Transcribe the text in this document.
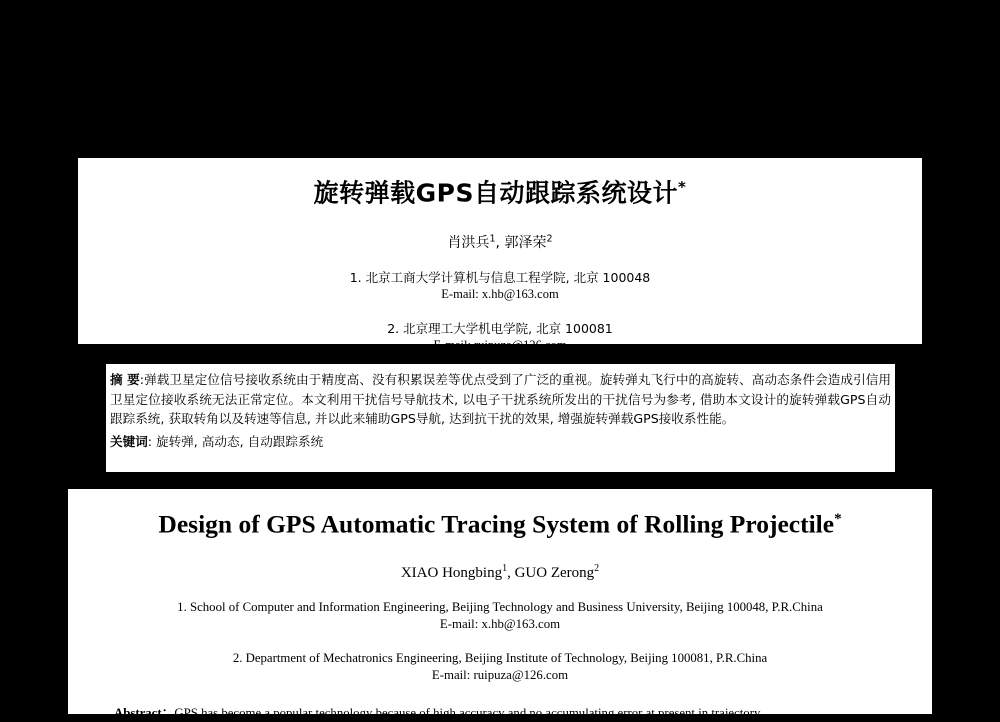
旋转弹载GPS自动跟踪系统设计*
肖洪兵$^1$, 郭泽荣$^2$
1. 北京工商大学计算机与信息工程学院, 北京 100048
E-mail: x.hb@163.com
2. 北京理工大学机电学院, 北京 100081
E-mail: ruipuza@126.com
摘 要:弹载卫星定位信号接收系统由于精度高、没有积累误差等优点受到了广泛的重视。旋转弹丸飞行中的高旋转、高动态条件会造成引信用卫星定位接收系统无法正常定位。本文利用干扰信号导航技术, 以电子干扰系统所发出的干扰信号为参考, 借助本文设计的旋转弹载GPS自动跟踪系统, 获取转角以及转速等信息, 并以此来辅助GPS导航, 达到抗干扰的效果, 增强旋转弹载GPS接收系性能。
关键词: 旋转弹, 高动态, 自动跟踪系统
Design of GPS Automatic Tracing System of Rolling Projectile*
XIAO Hongbing$^1$, GUO Zerong$^2$
1. School of Computer and Information Engineering, Beijing Technology and Business University, Beijing 100048, P.R.China
E-mail: x.hb@163.com
2. Department of Mechatronics Engineering, Beijing Institute of Technology, Beijing 100081, P.R.China
E-mail: ruipuza@126.com
Abstract：GPS has become a popular technology because of high accuracy and no accumulating error at present in trajectory
